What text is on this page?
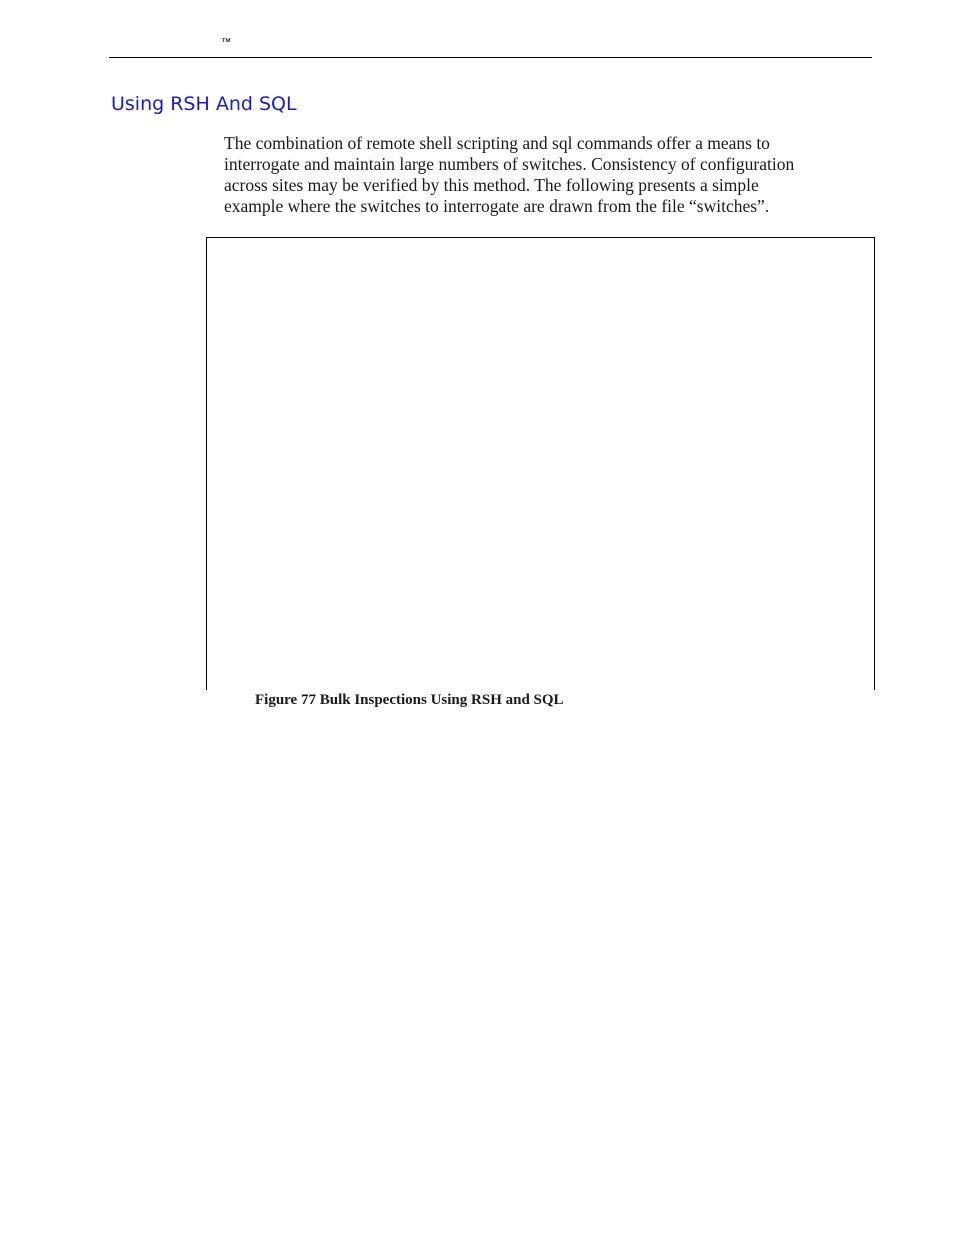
™
Using RSH And SQL

The combination of remote shell scripting and sql commands offer a means to
interrogate and maintain large numbers of switches. Consistency of configuration
across sites may be verified by this method. The following presents a simple
example where the switches to interrogate are drawn from the file “switches”.

Figure 77 Bulk Inspections Using RSH and SQL
